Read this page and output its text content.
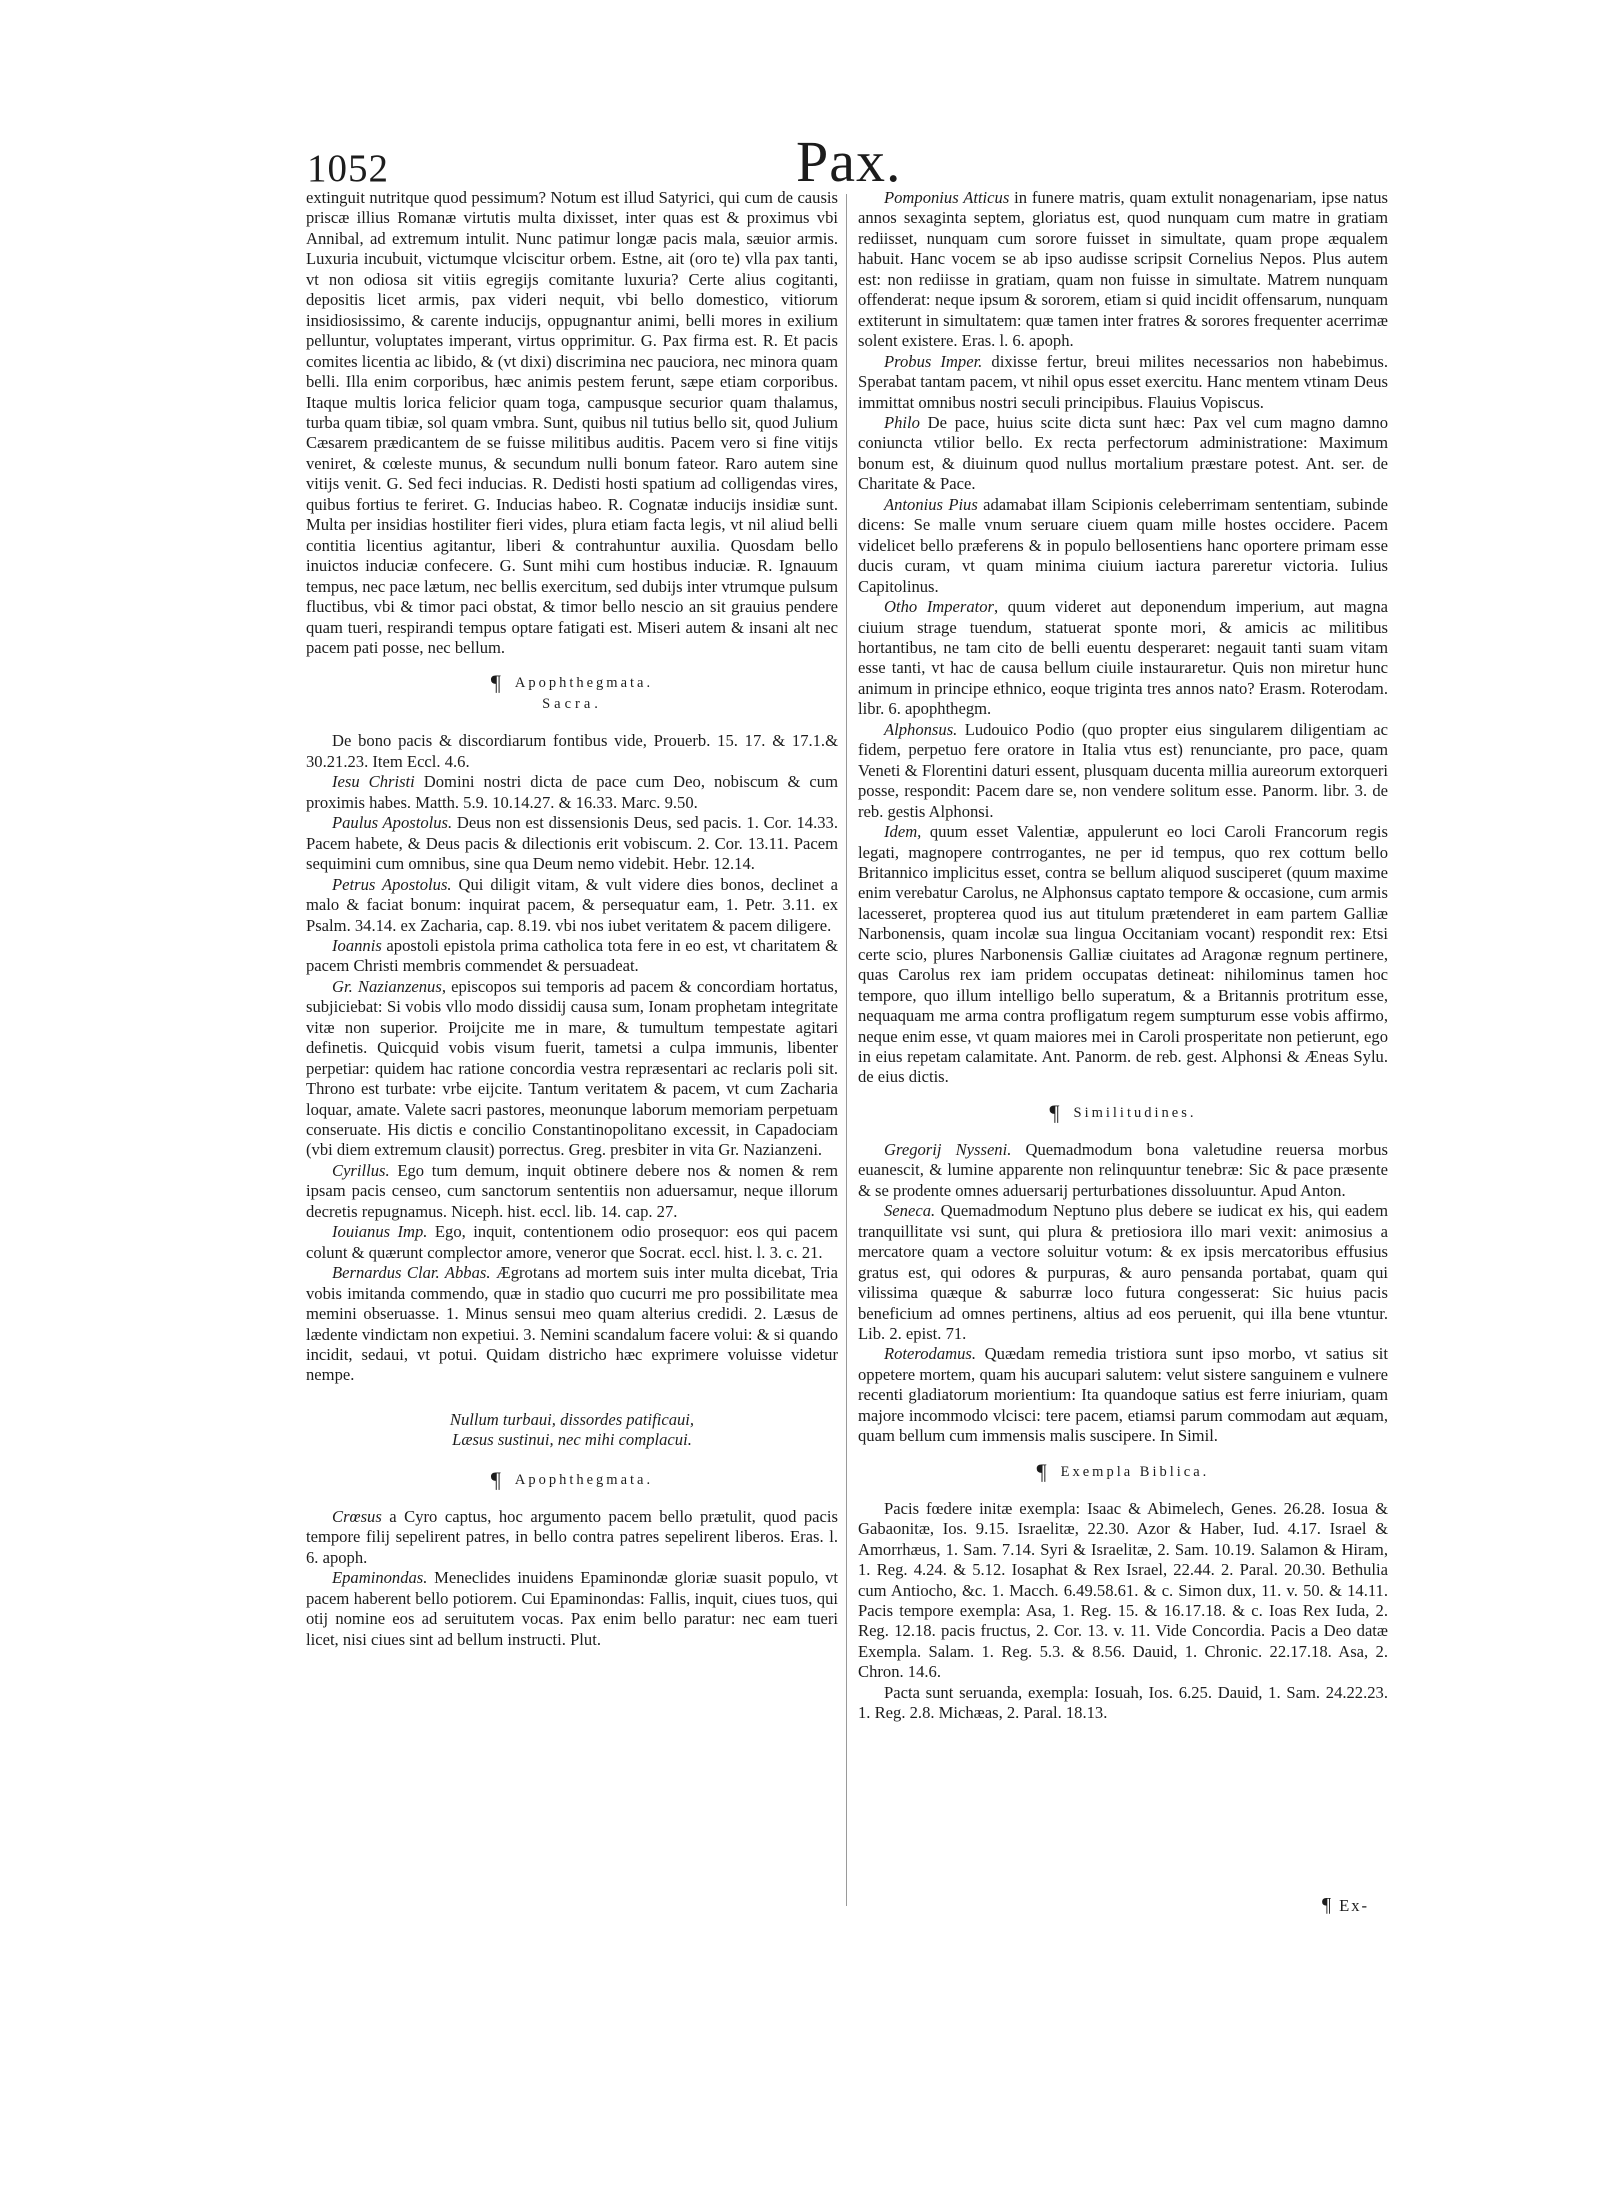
1052	Pax.

extinguit nutritque quod pessimum? Notum est illud Satyrici, qui cum de causis priscæ illius Romanæ virtutis multa dixisset, inter quas est & proximus vbi Annibal, ad extremum intulit. Nunc patimur longæ pacis mala, sæuior armis. Luxuria incubuit, victumque vlciscitur orbem. Estne, ait (oro te) vlla pax tanti, vt non odiosa sit vitiis egregijs comitante luxuria? Certe alius cogitanti, depositis licet armis, pax videri nequit, vbi bello domestico, vitiorum insidiosissimo, & carente inducijs, oppugnantur animi, belli mores in exilium pelluntur, voluptates imperant, virtus opprimitur. G. Pax firma est. R. Et pacis comites licentia ac libido, & (vt dixi) discrimina nec pauciora, nec minora quam belli. Illa enim corporibus, hæc animis pestem ferunt, sæpe etiam corporibus. Itaque multis lorica felicior quam toga, campusque securior quam thalamus, turba quam tibiæ, sol quam vmbra. Sunt, quibus nil tutius bello sit, quod Julium Cæsarem prædicantem de se fuisse militibus auditis. Pacem vero si fine vitijs veniret, & cœleste munus, & secundum nulli bonum fateor. Raro autem sine vitijs venit. G. Sed feci inducias. R. Dedisti hosti spatium ad colligendas vires, quibus fortius te feriret. G. Inducias habeo. R. Cognatæ inducijs insidiæ sunt. Multa per insidias hostiliter fieri vides, plura etiam facta legis, vt nil aliud belli contitia licentius agitantur, liberi & contrahuntur auxilia. Quosdam bello inuictos induciæ confecere. G. Sunt mihi cum hostibus induciæ. R. Ignauum tempus, nec pace lætum, nec bellis exercitum, sed dubijs inter vtrumque pulsum fluctibus, vbi & timor paci obstat, & timor bello nescio an sit grauius pendere quam tueri, respirandi tempus optare fatigati est. Miseri autem & insani alt nec pacem pati posse, nec bellum.

¶ Apophthegmata.
Sacra.

De bono pacis & discordiarum fontibus vide, Prouerb. 15. 17. & 17.1.& 30.21.23. Item Eccl. 4.6.

Iesu Christi Domini nostri dicta de pace cum Deo, nobiscum & cum proximis habes. Matth. 5.9. 10.14.27. & 16.33. Marc. 9.50.

Paulus Apostolus. Deus non est dissensionis Deus, sed pacis. 1. Cor. 14.33. Pacem habete, & Deus pacis & dilectionis erit vobiscum. 2. Cor. 13.11. Pacem sequimini cum omnibus, sine qua Deum nemo videbit. Hebr. 12.14.

Petrus Apostolus. Qui diligit vitam, & vult videre dies bonos, declinet a malo & faciat bonum: inquirat pacem, & persequatur eam, 1. Petr. 3.11. ex Psalm. 34.14. ex Zacharia, cap. 8.19. vbi nos iubet veritatem & pacem diligere.

Ioannis apostoli epistola prima catholica tota fere in eo est, vt charitatem & pacem Christi membris commendet & persuadeat.

Gr. Nazianzenus, episcopos sui temporis ad pacem & concordiam hortatus, subjiciebat: Si vobis vllo modo dissidij causa sum, Ionam prophetam integritate vitæ non superior. Proijcite me in mare, & tumultum tempestate agitari definetis. Quicquid vobis visum fuerit, tametsi a culpa immunis, libenter perpetiar: quidem hac ratione concordia vestra repræsentari ac reclaris poli sit. Throno est turbate: vrbe eijcite. Tantum veritatem & pacem, vt cum Zacharia loquar, amate. Valete sacri pastores, meonunque laborum memoriam perpetuam conseruate. His dictis e concilio Constantinopolitano excessit, in Capadociam (vbi diem extremum clausit) porrectus. Greg. presbiter in vita Gr. Nazianzeni.

Cyrillus. Ego tum demum, inquit obtinere debere nos & nomen & rem ipsam pacis censeo, cum sanctorum sententiis non aduersamur, neque illorum decretis repugnamus. Niceph. hist. eccl. lib. 14. cap. 27.

Iouianus Imp. Ego, inquit, contentionem odio prosequor: eos qui pacem colunt & quærunt complector amore, veneror que Socrat. eccl. hist. l. 3. c. 21.

Bernardus Clar. Abbas. Ægrotans ad mortem suis inter multa dicebat, Tria vobis imitanda commendo, quæ in stadio quo cucurri me pro possibilitate mea memini obseruasse. 1. Minus sensui meo quam alterius credidi. 2. Læsus de lædente vindictam non expetiui. 3. Nemini scandalum facere volui: & si quando incidit, sedaui, vt potui. Quidam districho hæc exprimere voluisse videtur nempe.

Nullum turbaui, dissordes patificaui,
Læsus sustinui, nec mihi complacui.
¶ Apophthegmata.

Crœsus a Cyro captus, hoc argumento pacem bello prætulit, quod pacis tempore filij sepelirent patres, in bello contra patres sepelirent liberos. Eras. l. 6. apoph.

Epaminondas. Meneclides inuidens Epaminondæ gloriæ suasit populo, vt pacem haberent bello potiorem. Cui Epaminondas: Fallis, inquit, ciues tuos, qui otij nomine eos ad seruitutem vocas. Pax enim bello paratur: nec eam tueri licet, nisi ciues sint ad bellum instructi. Plut.

Pomponius Atticus in funere matris, quam extulit nonagenariam, ipse natus annos sexaginta septem, gloriatus est, quod nunquam cum matre in gratiam rediisset, nunquam cum sorore fuisset in simultate, quam prope æqualem habuit. Hanc vocem se ab ipso audisse scripsit Cornelius Nepos. Plus autem est: non rediisse in gratiam, quam non fuisse in simultate. Matrem nunquam offenderat: neque ipsum & sororem, etiam si quid incidit offensarum, nunquam extiterunt in simultatem: quæ tamen inter fratres & sorores frequenter acerrimæ solent existere. Eras. l. 6. apoph.

Probus Imper. dixisse fertur, breui milites necessarios non habebimus. Sperabat tantam pacem, vt nihil opus esset exercitu. Hanc mentem vtinam Deus immittat omnibus nostri seculi principibus. Flauius Vopiscus.

Philo De pace, huius scite dicta sunt hæc: Pax vel cum magno damno coniuncta vtilior bello. Ex recta perfectorum administratione: Maximum bonum est, & diuinum quod nullus mortalium præstare potest. Ant. ser. de Charitate & Pace.

Antonius Pius adamabat illam Scipionis celeberrimam sententiam, subinde dicens: Se malle vnum seruare ciuem quam mille hostes occidere. Pacem videlicet bello præferens & in populo bellosentiens hanc oportere primam esse ducis curam, vt quam minima ciuium iactura pareretur victoria. Iulius Capitolinus.

Otho Imperator, quum videret aut deponendum imperium, aut magna ciuium strage tuendum, statuerat sponte mori, & amicis ac militibus hortantibus, ne tam cito de belli euentu desperaret: negauit tanti suam vitam esse tanti, vt hac de causa bellum ciuile instauraretur. Quis non miretur hunc animum in principe ethnico, eoque triginta tres annos nato? Erasm. Roterodam. libr. 6. apophthegm.

Alphonsus. Ludouico Podio (quo propter eius singularem diligentiam ac fidem, perpetuo fere oratore in Italia vtus est) renunciante, pro pace, quam Veneti & Florentini daturi essent, plusquam ducenta millia aureorum extorqueri posse, respondit: Pacem dare se, non vendere solitum esse. Panorm. libr. 3. de reb. gestis Alphonsi.

Idem, quum esset Valentiæ, appulerunt eo loci Caroli Francorum regis legati, magnopere contrrogantes, ne per id tempus, quo rex cottum bello Britannico implicitus esset, contra se bellum aliquod susciperet (quum maxime enim verebatur Carolus, ne Alphonsus captato tempore & occasione, cum armis lacesseret, propterea quod ius aut titulum prætenderet in eam partem Galliæ Narbonensis, quam incolæ sua lingua Occitaniam vocant) respondit rex: Etsi certe scio, plures Narbonensis Galliæ ciuitates ad Aragonæ regnum pertinere, quas Carolus rex iam pridem occupatas detineat: nihilominus tamen hoc tempore, quo illum intelligo bello superatum, & a Britannis protritum esse, nequaquam me arma contra profligatum regem sumpturum esse vobis affirmo, neque enim esse, vt quam maiores mei in Caroli prosperitate non petierunt, ego in eius repetam calamitate. Ant. Panorm. de reb. gest. Alphonsi & Æneas Sylu. de eius dictis.

¶ Similitudines.

Gregorij Nysseni. Quemadmodum bona valetudine reuersa morbus euanescit, & lumine apparente non relinquuntur tenebræ: Sic & pace præsente & se prodente omnes aduersarij perturbationes dissoluuntur. Apud Anton.

Seneca. Quemadmodum Neptuno plus debere se iudicat ex his, qui eadem tranquillitate vsi sunt, qui plura & pretiosiora illo mari vexit: animosius a mercatore quam a vectore soluitur votum: & ex ipsis mercatoribus effusius gratus est, qui odores & purpuras, & auro pensanda portabat, quam qui vilissima quæque & saburræ loco futura congesserat: Sic huius pacis beneficium ad omnes pertinens, altius ad eos peruenit, qui illa bene vtuntur. Lib. 2. epist. 71.

Roterodamus. Quædam remedia tristiora sunt ipso morbo, vt satius sit oppetere mortem, quam his aucupari salutem: velut sistere sanguinem e vulnere recenti gladiatorum morientium: Ita quandoque satius est ferre iniuriam, quam majore incommodo vlcisci: tere pacem, etiamsi parum commodam aut æquam, quam bellum cum immensis malis suscipere. In Simil.

¶ Exempla Biblica.

Pacis fœdere initæ exempla: Isaac & Abimelech, Genes. 26.28. Iosua & Gabaonitæ, Ios. 9.15. Israelitæ, 22.30. Azor & Haber, Iud. 4.17. Israel & Amorrhæus, 1. Sam. 7.14. Syri & Israelitæ, 2. Sam. 10.19. Salamon & Hiram, 1. Reg. 4.24. & 5.12. Iosaphat & Rex Israel, 22.44. 2. Paral. 20.30. Bethulia cum Antiocho, &c. 1. Macch. 6.49.58.61. & c. Simon dux, 11. v. 50. & 14.11. Pacis tempore exempla: Asa, 1. Reg. 15. & 16.17.18. & c. Ioas Rex Iuda, 2. Reg. 12.18. pacis fructus, 2. Cor. 13. v. 11. Vide Concordia. Pacis a Deo datæ Exempla. Salam. 1. Reg. 5.3. & 8.56. Dauid, 1. Chronic. 22.17.18. Asa, 2. Chron. 14.6.

Pacta sunt seruanda, exempla: Iosuah, Ios. 6.25. Dauid, 1. Sam. 24.22.23. 1. Reg. 2.8. Michæas, 2. Paral. 18.13.

¶ Ex-
